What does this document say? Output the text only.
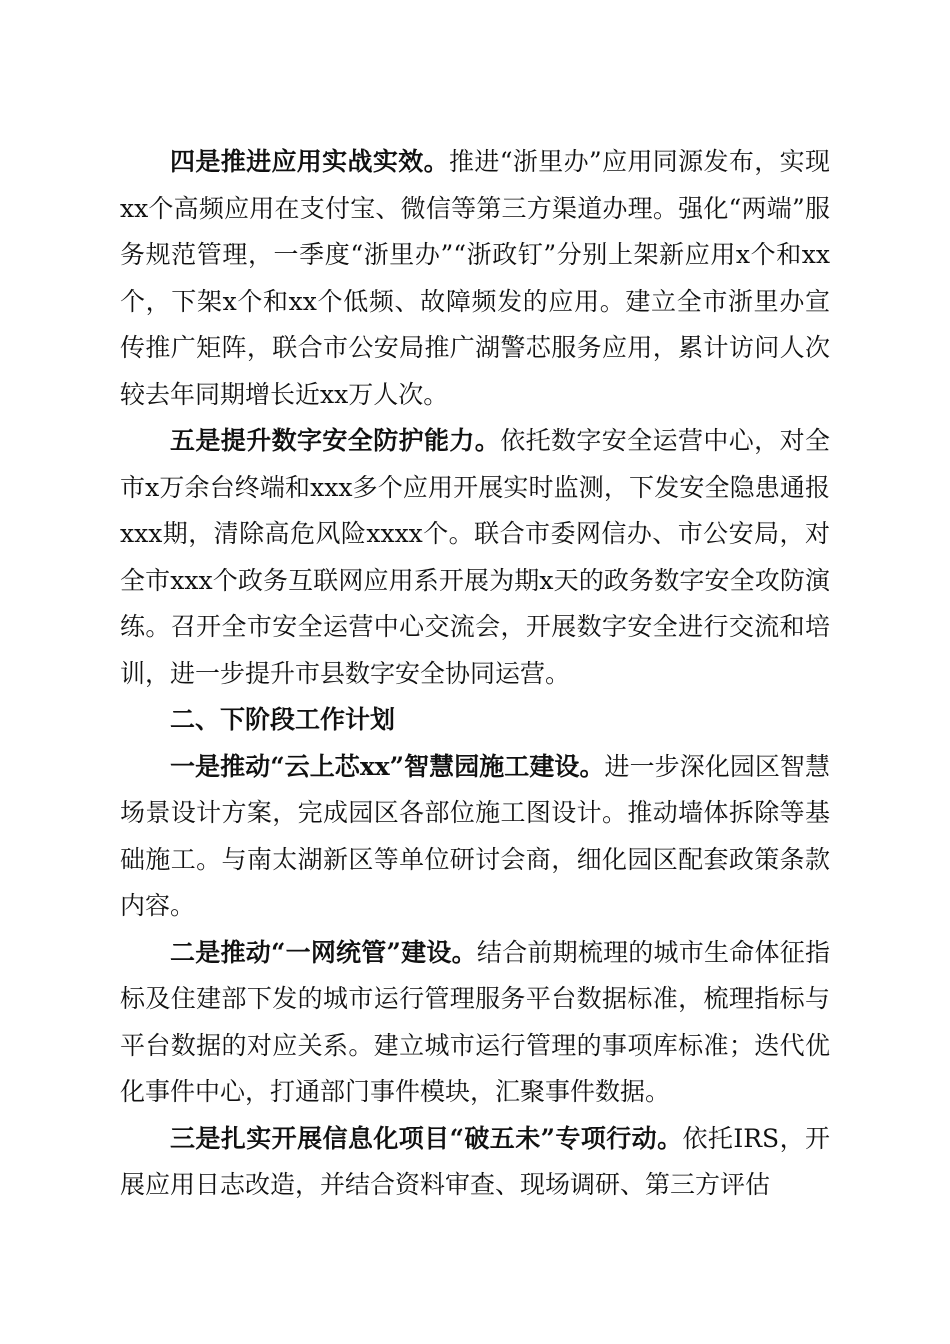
四是推进应用实战实效。推进“浙里办”应用同源发布，实现xx个高频应用在支付宝、微信等第三方渠道办理。强化“两端”服务规范管理，一季度“浙里办”“浙政钉”分别上架新应用x个和xx个，下架x个和xx个低频、故障频发的应用。建立全市浙里办宣传推广矩阵，联合市公安局推广湖警芯服务应用，累计访问人次较去年同期增长近xx万人次。

五是提升数字安全防护能力。依托数字安全运营中心，对全市x万余台终端和xxx多个应用开展实时监测，下发安全隐患通报xxx期，清除高危风险xxxx个。联合市委网信办、市公安局，对全市xxx个政务互联网应用系开展为期x天的政务数字安全攻防演练。召开全市安全运营中心交流会，开展数字安全进行交流和培训，进一步提升市县数字安全协同运营。

二、下阶段工作计划

一是推动“云上芯xx”智慧园施工建设。进一步深化园区智慧场景设计方案，完成园区各部位施工图设计。推动墙体拆除等基础施工。与南太湖新区等单位研讨会商，细化园区配套政策条款内容。

二是推动“一网统管”建设。结合前期梳理的城市生命体征指标及住建部下发的城市运行管理服务平台数据标准，梳理指标与平台数据的对应关系。建立城市运行管理的事项库标准；迭代优化事件中心，打通部门事件模块，汇聚事件数据。

三是扎实开展信息化项目“破五未”专项行动。依托IRS，开展应用日志改造，并结合资料审查、现场调研、第三方评估
